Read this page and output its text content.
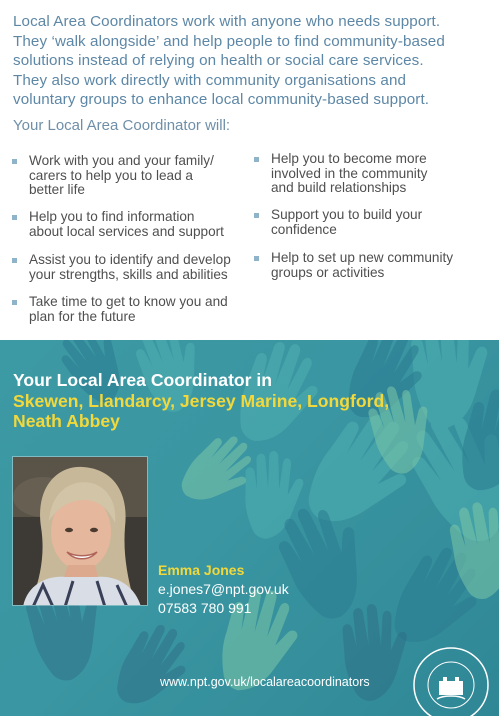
Local Area Coordinators work with anyone who needs support.
They ‘walk alongside’ and help people to find community-based
solutions instead of relying on health or social care services.
They also work directly with community organisations and
voluntary groups to enhance local community-based support.
Your Local Area Coordinator will:
Work with you and your family/
carers to help you to lead a
better life
Help you to find information
about local services and support
Assist you to identify and develop
your strengths, skills and abilities
Take time to get to know you and
plan for the future
Help you to become more
involved in the community
and build relationships
Support you to build your
confidence
Help to set up new community
groups or activities
Your Local Area Coordinator in
Skewen, Llandarcy, Jersey Marine, Longford,
Neath Abbey
Emma Jones
e.jones7@npt.gov.uk
07583 780 991
www.npt.gov.uk/localareacoordinators
